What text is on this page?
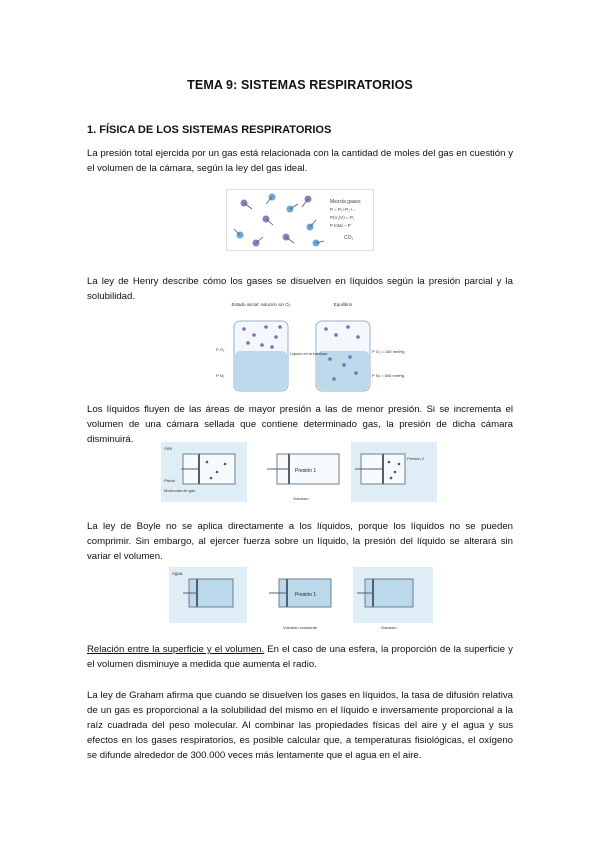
TEMA 9: SISTEMAS RESPIRATORIOS
1. FÍSICA DE LOS SISTEMAS RESPIRATORIOS
La presión total ejercida por un gas está relacionada con la cantidad de moles del gas en cuestión y el volumen de la cámara, según la ley del gas ideal.
Mezcla gases
P = P₁+P₂+...
P(V₁/V) = P₁
P total − P
CO₂
La ley de Henry describe cómo los gases se disuelven en líquidos según la presión parcial y la solubilidad.
Estado inicial: solución sin O₂	Equilibrio
P O₂
P N₂
Líquido en la interfase	P O₂ = 160 mmHg
P N₂ = 600 mmHg
Los líquidos fluyen de las áreas de mayor presión a las de menor presión. Si se incrementa el volumen de una cámara sellada que contiene determinado gas, la presión de dicha cámara disminuirá.
Aire
Pistón
Moléculas de gas
Presión 1
Volumen
Presión 2
La ley de Boyle no se aplica directamente a los líquidos, porque los líquidos no se pueden comprimir. Sin embargo, al ejercer fuerza sobre un líquido, la presión del líquido se alterará sin variar el volumen.
Agua
Presión 1
Volumen constante	Volumen
Relación entre la superficie y el volumen. En el caso de una esfera, la proporción de la superficie y el volumen disminuye a medida que aumenta el radio.
La ley de Graham afirma que cuando se disuelven los gases en líquidos, la tasa de difusión relativa de un gas es proporcional a la solubilidad del mismo en el líquido e inversamente proporcional a la raíz cuadrada del peso molecular. Al combinar las propiedades físicas del aire y el agua y sus efectos en los gases respiratorios, es posible calcular que, a temperaturas fisiológicas, el oxígeno se difunde alrededor de 300.000 veces más lentamente que el agua en el aire.
